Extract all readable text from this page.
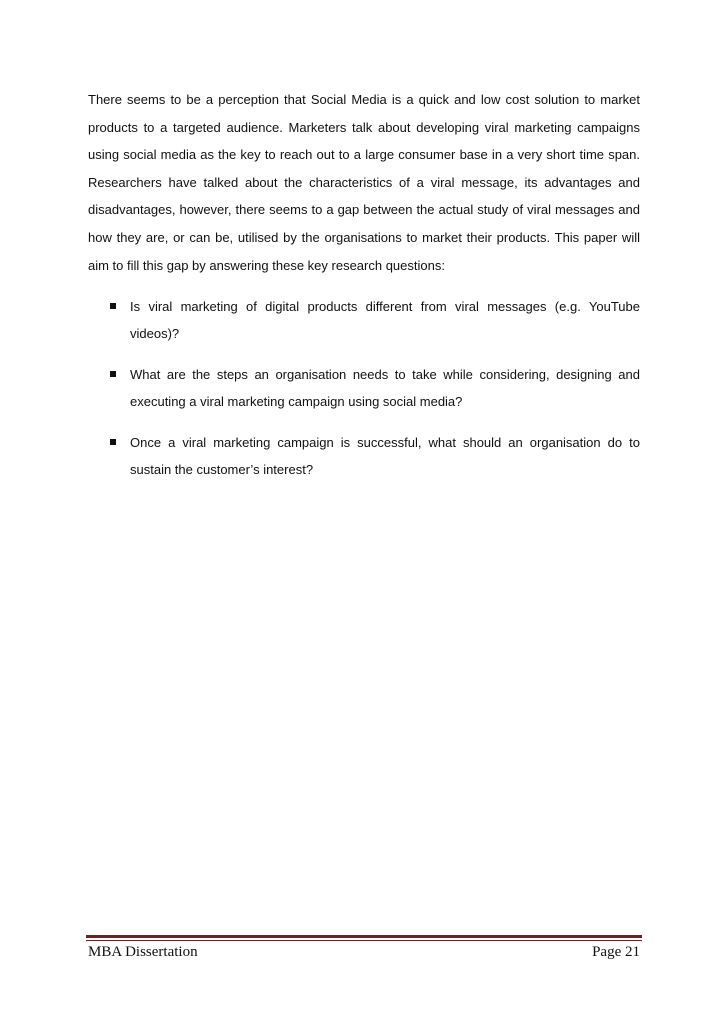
There seems to be a perception that Social Media is a quick and low cost solution to market products to a targeted audience. Marketers talk about developing viral marketing campaigns using social media as the key to reach out to a large consumer base in a very short time span. Researchers have talked about the characteristics of a viral message, its advantages and disadvantages, however, there seems to a gap between the actual study of viral messages and how they are, or can be, utilised by the organisations to market their products. This paper will aim to fill this gap by answering these key research questions:

Is viral marketing of digital products different from viral messages (e.g. YouTube videos)?
What are the steps an organisation needs to take while considering, designing and executing a viral marketing campaign using social media?
Once a viral marketing campaign is successful, what should an organisation do to sustain the customer’s interest?
MBA Dissertation	Page 21
